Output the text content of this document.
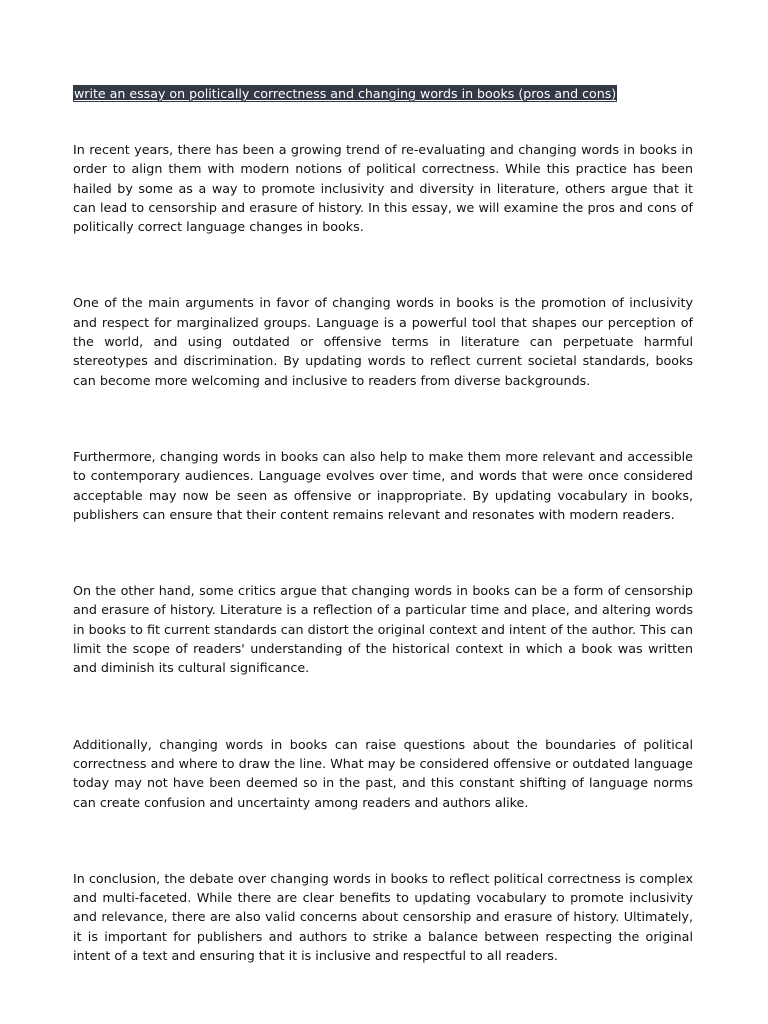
write an essay on politically correctness and changing words in books (pros and cons)

In recent years, there has been a growing trend of re-evaluating and changing words in books in order to align them with modern notions of political correctness. While this practice has been hailed by some as a way to promote inclusivity and diversity in literature, others argue that it can lead to censorship and erasure of history. In this essay, we will examine the pros and cons of politically correct language changes in books.

One of the main arguments in favor of changing words in books is the promotion of inclusivity and respect for marginalized groups. Language is a powerful tool that shapes our perception of the world, and using outdated or offensive terms in literature can perpetuate harmful stereotypes and discrimination. By updating words to reflect current societal standards, books can become more welcoming and inclusive to readers from diverse backgrounds.

Furthermore, changing words in books can also help to make them more relevant and accessible to contemporary audiences. Language evolves over time, and words that were once considered acceptable may now be seen as offensive or inappropriate. By updating vocabulary in books, publishers can ensure that their content remains relevant and resonates with modern readers.

On the other hand, some critics argue that changing words in books can be a form of censorship and erasure of history. Literature is a reflection of a particular time and place, and altering words in books to fit current standards can distort the original context and intent of the author. This can limit the scope of readers' understanding of the historical context in which a book was written and diminish its cultural significance.

Additionally, changing words in books can raise questions about the boundaries of political correctness and where to draw the line. What may be considered offensive or outdated language today may not have been deemed so in the past, and this constant shifting of language norms can create confusion and uncertainty among readers and authors alike.

In conclusion, the debate over changing words in books to reflect political correctness is complex and multi-faceted. While there are clear benefits to updating vocabulary to promote inclusivity and relevance, there are also valid concerns about censorship and erasure of history. Ultimately, it is important for publishers and authors to strike a balance between respecting the original intent of a text and ensuring that it is inclusive and respectful to all readers.
